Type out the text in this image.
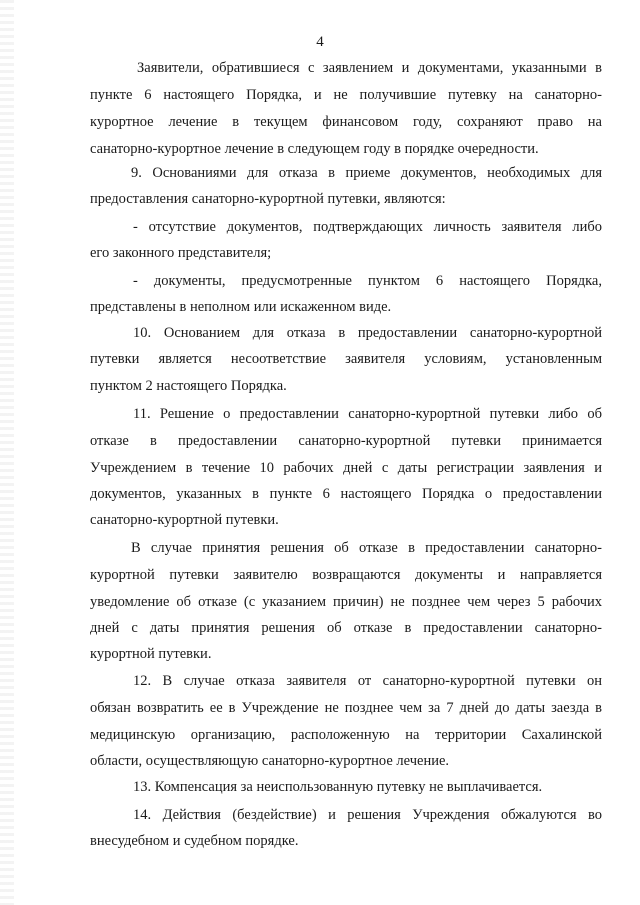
4
Заявители, обратившиеся с заявлением и документами, указанными в
пункте 6 настоящего Порядка, и не получившие путевку на санаторно-
курортное лечение в текущем финансовом году, сохраняют право на
санаторно-курортное лечение в следующем году в порядке очередности.
9. Основаниями для отказа в приеме документов, необходимых для
предоставления санаторно-курортной путевки, являются:
- отсутствие документов, подтверждающих личность заявителя либо
его законного представителя;
- документы, предусмотренные пунктом 6 настоящего Порядка,
представлены в неполном или искаженном виде.
10. Основанием для отказа в предоставлении санаторно-курортной
путевки является несоответствие заявителя условиям, установленным
пунктом 2 настоящего Порядка.
11. Решение о предоставлении санаторно-курортной путевки либо об
отказе в предоставлении санаторно-курортной путевки принимается
Учреждением в течение 10 рабочих дней с даты регистрации заявления и
документов, указанных в пункте 6 настоящего Порядка о предоставлении
санаторно-курортной путевки.
В случае принятия решения об отказе в предоставлении санаторно-
курортной путевки заявителю возвращаются документы и направляется
уведомление об отказе (с указанием причин) не позднее чем через 5 рабочих
дней с даты принятия решения об отказе в предоставлении санаторно-
курортной путевки.
12. В случае отказа заявителя от санаторно-курортной путевки он
обязан возвратить ее в Учреждение не позднее чем за 7 дней до даты заезда в
медицинскую организацию, расположенную на территории Сахалинской
области, осуществляющую санаторно-курортное лечение.
13. Компенсация за неиспользованную путевку не выплачивается.
14. Действия (бездействие) и решения Учреждения обжалуются во
внесудебном и судебном порядке.
